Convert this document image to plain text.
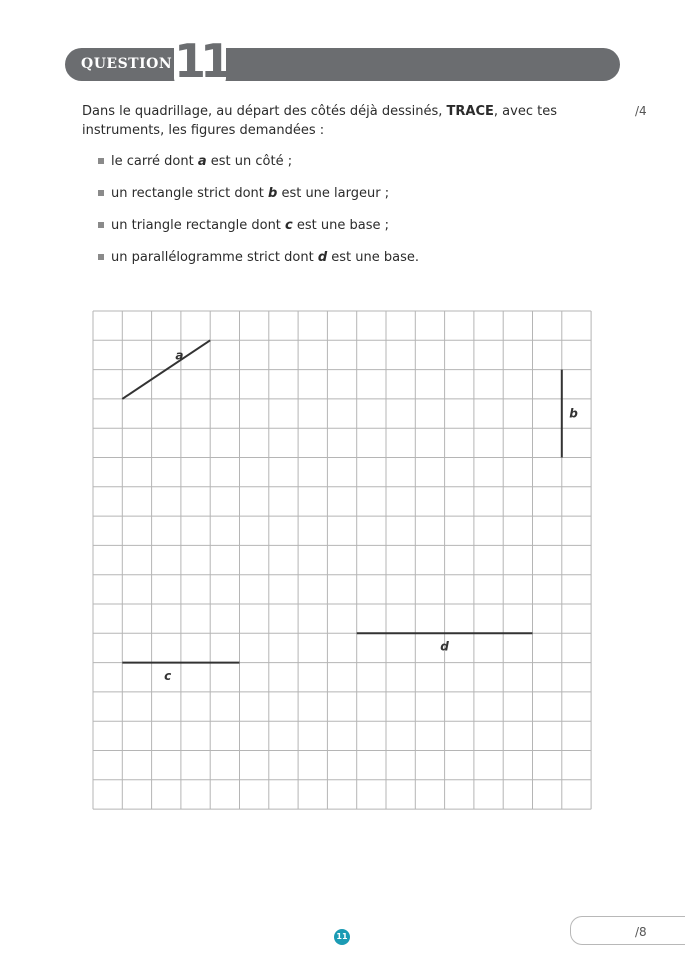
QUESTION 11
Dans le quadrillage, au départ des côtés déjà dessinés, TRACE, avec tes instruments, les figures demandées :
/4
le carré dont a est un côté ;
un rectangle strict dont b est une largeur ;
un triangle rectangle dont c est une base ;
un parallélogramme strict dont d est une base.
a
b
c
d
/8
11
